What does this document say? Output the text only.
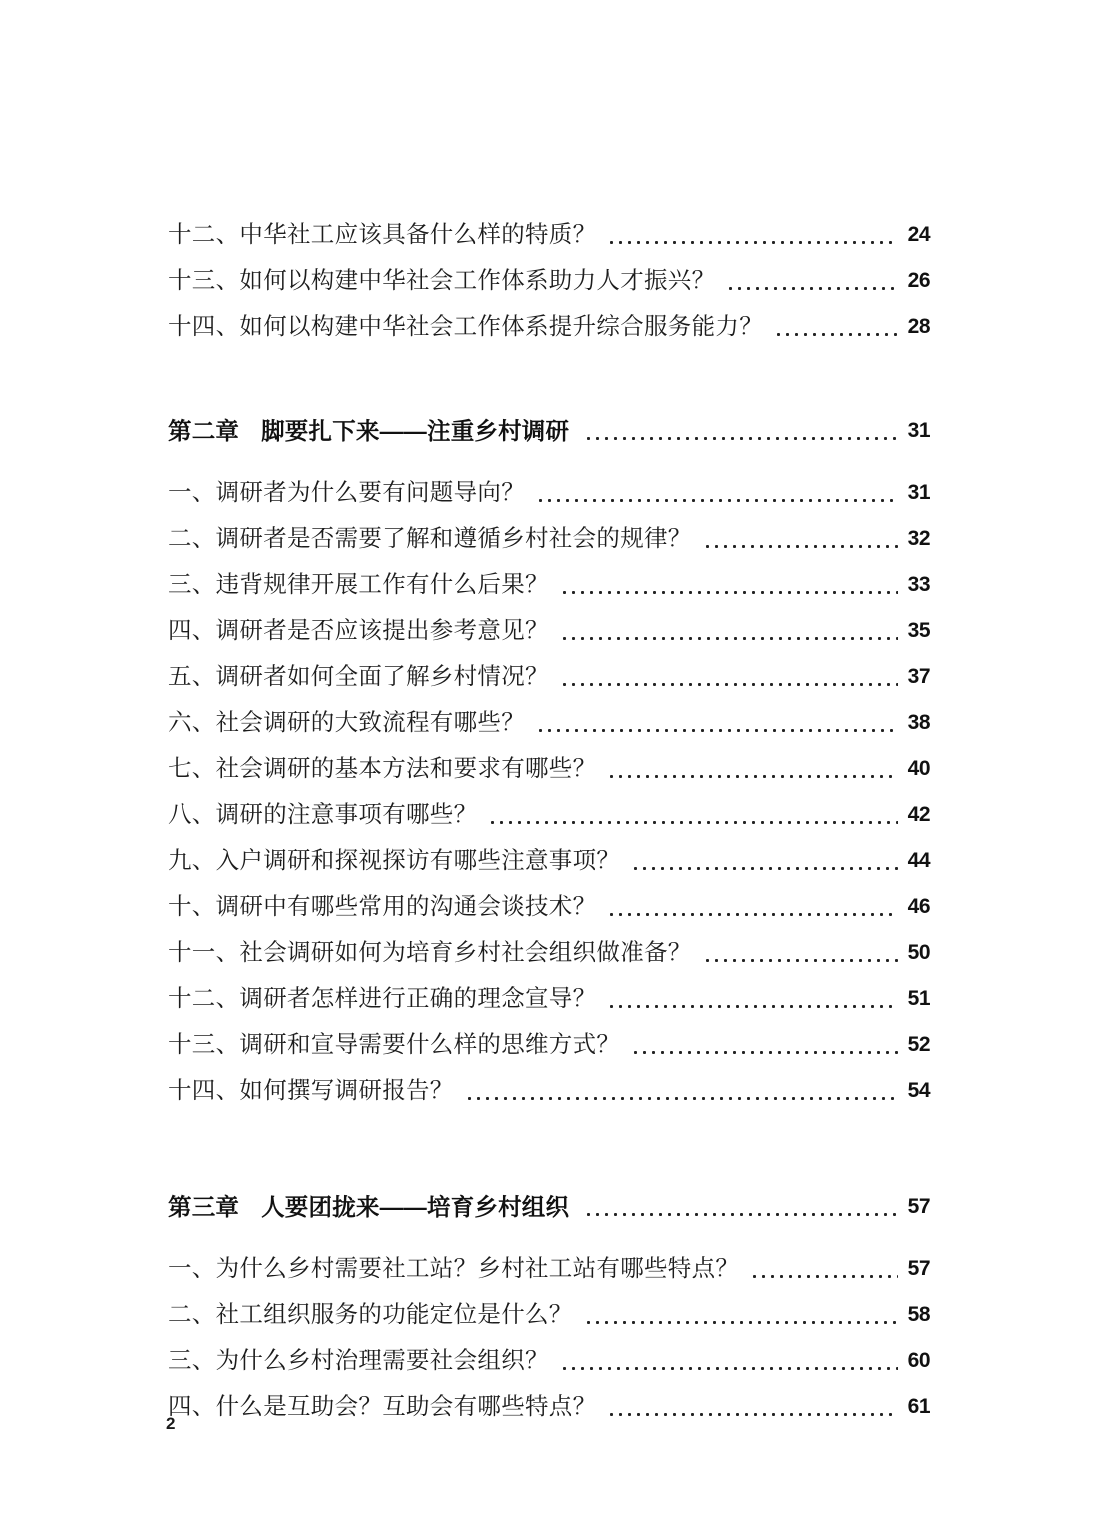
十二、中华社工应该具备什么样的特质？	24
十三、如何以构建中华社会工作体系助力人才振兴？	26
十四、如何以构建中华社会工作体系提升综合服务能力？	28
第二章 脚要扎下来——注重乡村调研	31
一、调研者为什么要有问题导向？	31
二、调研者是否需要了解和遵循乡村社会的规律？	32
三、违背规律开展工作有什么后果？	33
四、调研者是否应该提出参考意见？	35
五、调研者如何全面了解乡村情况？	37
六、社会调研的大致流程有哪些？	38
七、社会调研的基本方法和要求有哪些？	40
八、调研的注意事项有哪些？	42
九、入户调研和探视探访有哪些注意事项？	44
十、调研中有哪些常用的沟通会谈技术？	46
十一、社会调研如何为培育乡村社会组织做准备？	50
十二、调研者怎样进行正确的理念宣导？	51
十三、调研和宣导需要什么样的思维方式？	52
十四、如何撰写调研报告？	54
第三章 人要团拢来——培育乡村组织	57
一、为什么乡村需要社工站？乡村社工站有哪些特点？	57
二、社工组织服务的功能定位是什么？	58
三、为什么乡村治理需要社会组织？	60
四、什么是互助会？互助会有哪些特点？	61
2
